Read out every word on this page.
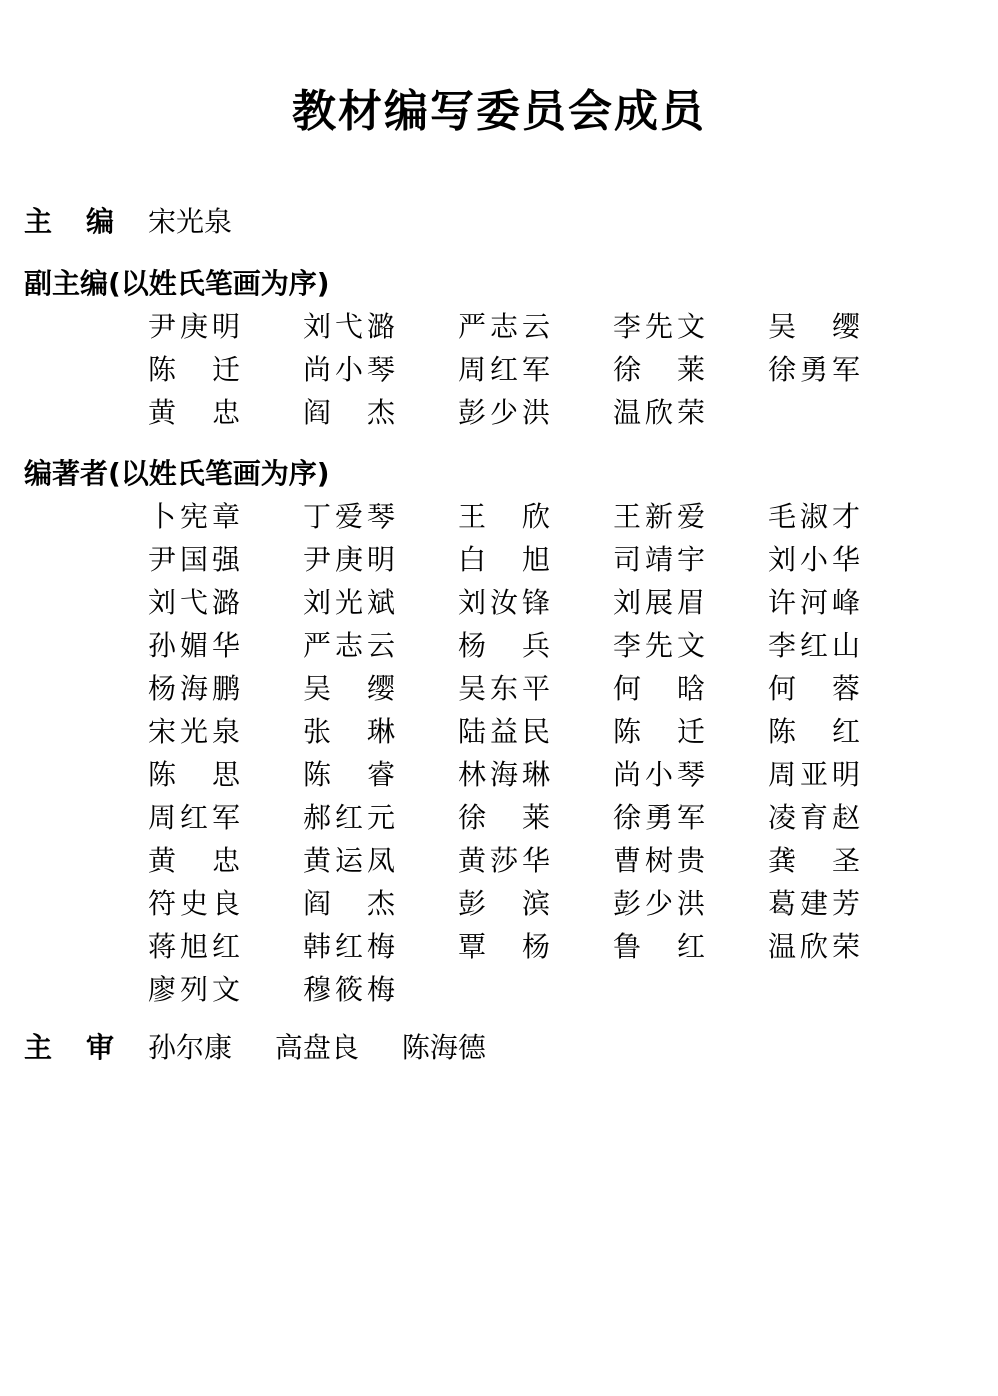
教材编写委员会成员
主 编 宋光泉
副主编(以姓氏笔画为序)
尹 庚 明 刘 弋 潞 严 志 云 李 先 文 吴 缨
陈 迁 尚 小 琴 周 红 军 徐 莱 徐 勇 军
黄 忠 阎 杰 彭 少 洪 温 欣 荣
编著者(以姓氏笔画为序)
卜 宪 章 丁 爱 琴 王 欣 王 新 爱 毛 淑 才
尹 国 强 尹 庚 明 白 旭 司 靖 宇 刘 小 华
刘 弋 潞 刘 光 斌 刘 汝 锋 刘 展 眉 许 河 峰
孙 媚 华 严 志 云 杨 兵 李 先 文 李 红 山
杨 海 鹏 吴 缨 吴 东 平 何 晗 何 蓉
宋 光 泉 张 琳 陆 益 民 陈 迁 陈 红
陈 思 陈 睿 林 海 琳 尚 小 琴 周 亚 明
周 红 军 郝 红 元 徐 莱 徐 勇 军 凌 育 赵
黄 忠 黄 运 凤 黄 莎 华 曹 树 贵 龚 圣
符 史 良 阎 杰 彭 滨 彭 少 洪 葛 建 芳
蒋 旭 红 韩 红 梅 覃 杨 鲁 红 温 欣 荣
廖 列 文 穆 筱 梅
主 审 孙尔康 高盘良 陈海德
